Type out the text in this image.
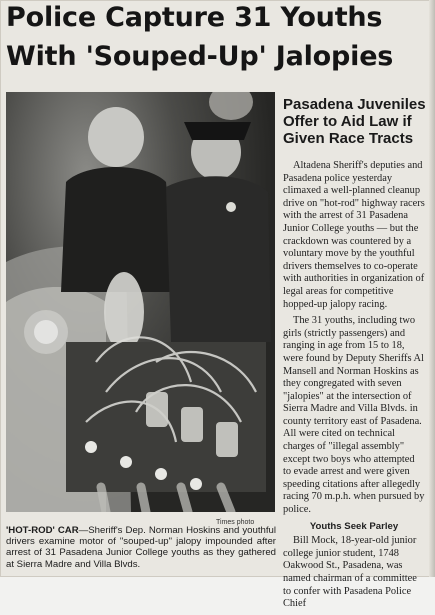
Police Capture 31 Youths
With 'Souped-Up' Jalopies
Times photo
'HOT-ROD' CAR—Sheriff's Dep. Norman Hoskins and youthful drivers examine motor of "souped-up" jalopy impounded after arrest of 31 Pasadena Junior College youths as they gathered at Sierra Madre and Villa Blvds.
Pasadena Juveniles Offer to Aid Law if Given Race Tracts

Altadena Sheriff's deputies and Pasadena police yesterday climaxed a well-planned cleanup drive on "hot-rod" highway racers with the arrest of 31 Pasadena Junior College youths — but the crackdown was countered by a voluntary move by the youthful drivers themselves to co-operate with authorities in organization of legal areas for competitive hopped-up jalopy racing.

The 31 youths, including two girls (strictly passengers) and ranging in age from 15 to 18, were found by Deputy Sheriffs Al Mansell and Norman Hoskins as they congregated with seven "jalopies" at the intersection of Sierra Madre and Villa Blvds. in county territory east of Pasadena. All were cited on technical charges of "illegal assembly" except two boys who attempted to evade arrest and were given speeding citations after allegedly racing 70 m.p.h. when pursued by police.

Youths Seek Parley

Bill Mock, 18-year-old junior college junior student, 1748 Oakwood St., Pasadena, was named chairman of a committee to confer with Pasadena Police Chief
